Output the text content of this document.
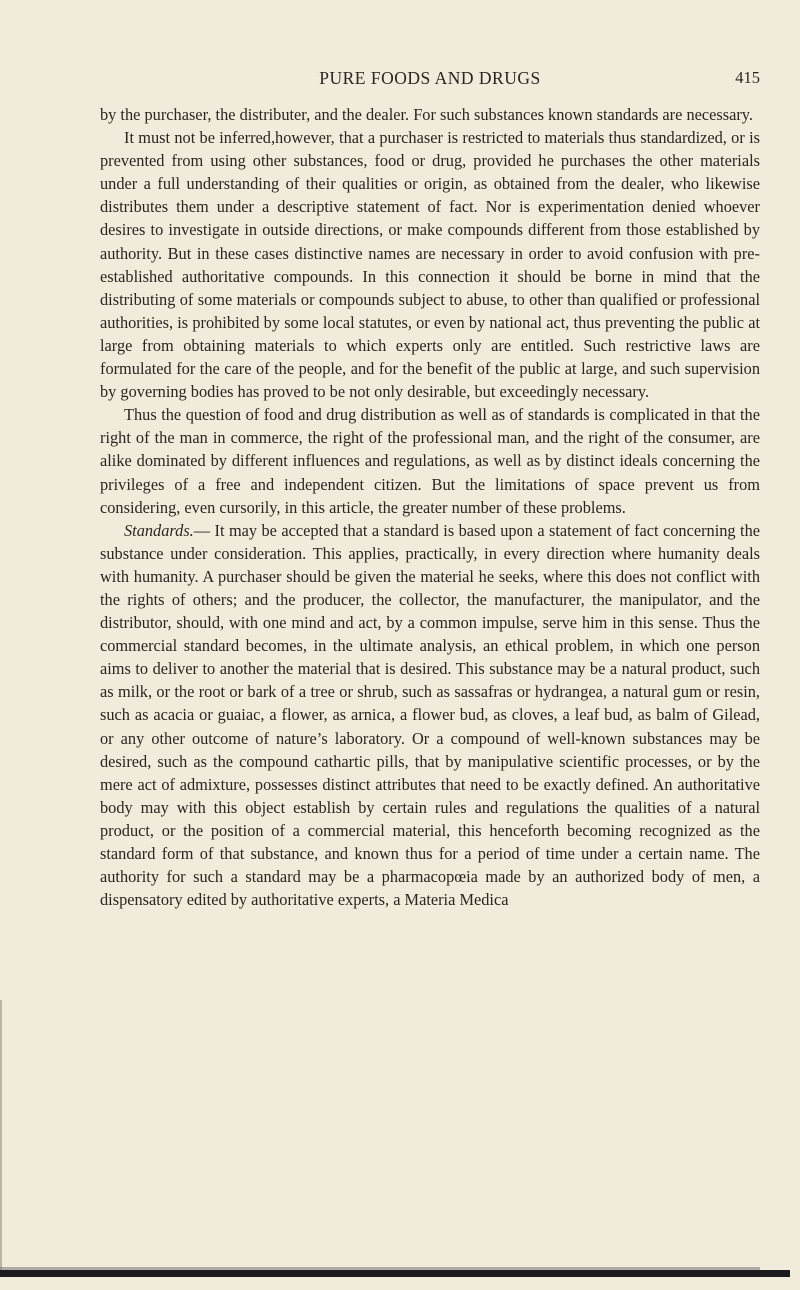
PURE FOODS AND DRUGS	415

by the purchaser, the distributer, and the dealer. For such substances known standards are necessary.

It must not be inferred,however, that a purchaser is restricted to materials thus standardized, or is prevented from using other substances, food or drug, provided he purchases the other materials under a full understanding of their qualities or origin, as obtained from the dealer, who likewise distributes them under a descriptive statement of fact. Nor is experimentation denied whoever desires to investigate in outside directions, or make compounds different from those established by authority. But in these cases distinctive names are necessary in order to avoid confusion with pre-established authoritative compounds. In this connection it should be borne in mind that the distributing of some materials or compounds subject to abuse, to other than qualified or professional authorities, is prohibited by some local statutes, or even by national act, thus preventing the public at large from obtaining materials to which experts only are entitled. Such restrictive laws are formulated for the care of the people, and for the benefit of the public at large, and such supervision by governing bodies has proved to be not only desirable, but exceedingly necessary.

Thus the question of food and drug distribution as well as of standards is complicated in that the right of the man in commerce, the right of the professional man, and the right of the consumer, are alike dominated by different influences and regulations, as well as by distinct ideals concerning the privileges of a free and independent citizen. But the limitations of space prevent us from considering, even cursorily, in this article, the greater number of these problems.

Standards.— It may be accepted that a standard is based upon a statement of fact concerning the substance under consideration. This applies, practically, in every direction where humanity deals with humanity. A purchaser should be given the material he seeks, where this does not conflict with the rights of others; and the producer, the collector, the manufacturer, the manipulator, and the distributor, should, with one mind and act, by a common impulse, serve him in this sense. Thus the commercial standard becomes, in the ultimate analysis, an ethical problem, in which one person aims to deliver to another the material that is desired. This substance may be a natural product, such as milk, or the root or bark of a tree or shrub, such as sassafras or hydrangea, a natural gum or resin, such as acacia or guaiac, a flower, as arnica, a flower bud, as cloves, a leaf bud, as balm of Gilead, or any other outcome of nature’s laboratory. Or a compound of well-known substances may be desired, such as the compound cathartic pills, that by manipulative scientific processes, or by the mere act of admixture, possesses distinct attributes that need to be exactly defined. An authoritative body may with this object establish by certain rules and regulations the qualities of a natural product, or the position of a commercial material, this henceforth becoming recognized as the standard form of that substance, and known thus for a period of time under a certain name. The authority for such a standard may be a pharmacopœia made by an authorized body of men, a dispensatory edited by authoritative experts, a Materia Medica
